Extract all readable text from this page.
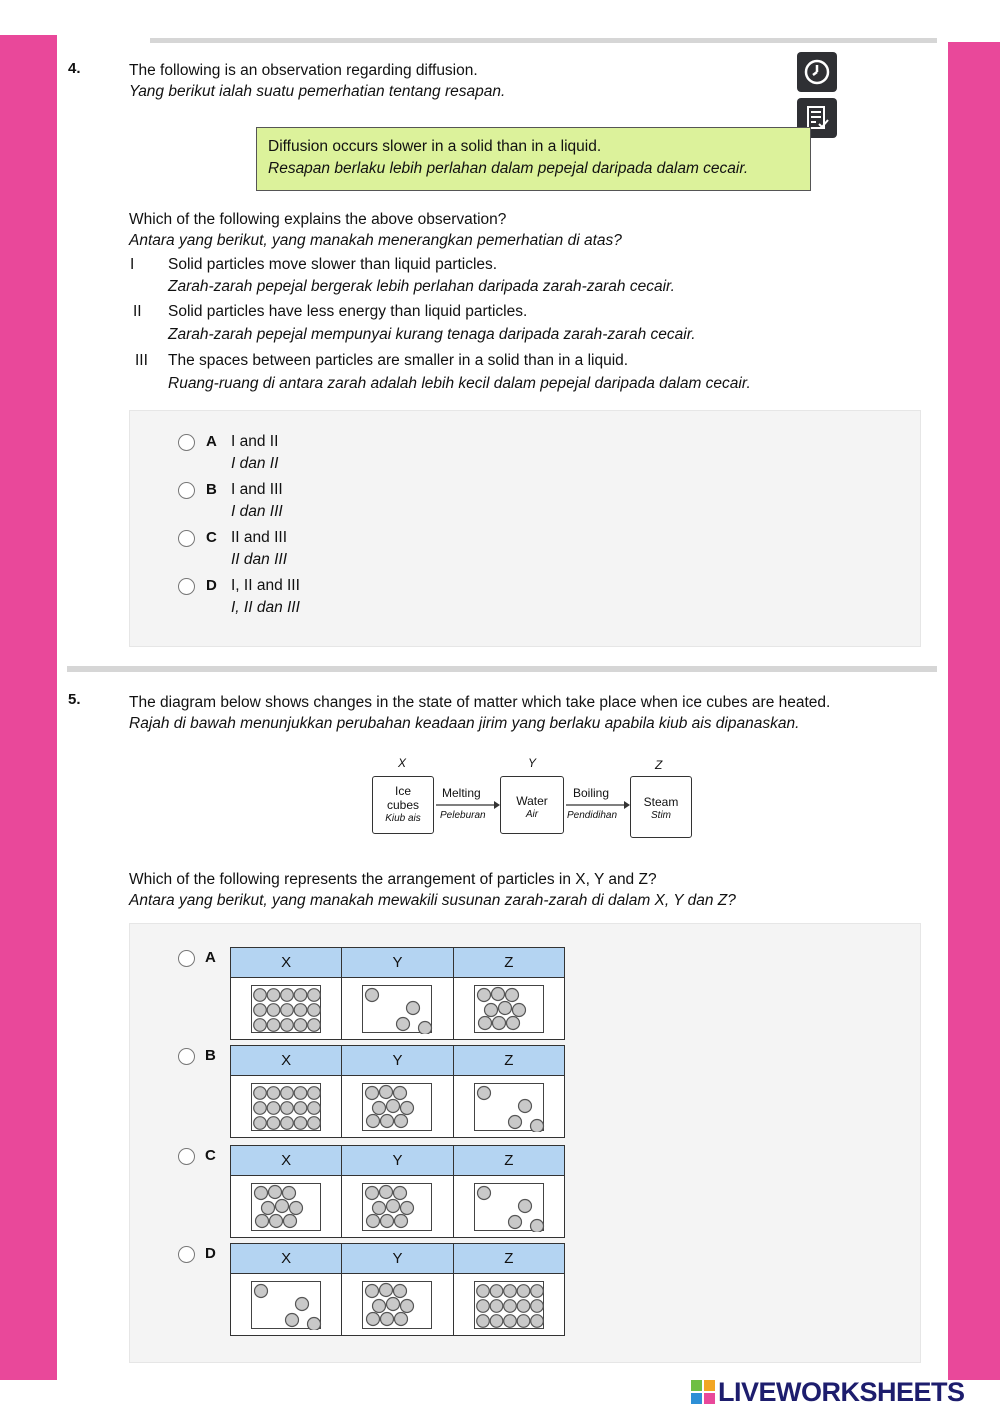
4.	The following is an observation regarding diffusion.
Yang berikut ialah suatu pemerhatian tentang resapan.
Diffusion occurs slower in a solid than in a liquid.
Resapan berlaku lebih perlahan dalam pepejal daripada dalam cecair.
Which of the following explains the above observation?
Antara yang berikut, yang manakah menerangkan pemerhatian di atas?
I Solid particles move slower than liquid particles.
Zarah-zarah pepejal bergerak lebih perlahan daripada zarah-zarah cecair.
II Solid particles have less energy than liquid particles.
Zarah-zarah pepejal mempunyai kurang tenaga daripada zarah-zarah cecair.
III The spaces between particles are smaller in a solid than in a liquid.
Ruang-ruang di antara zarah adalah lebih kecil dalam pepejal daripada dalam cecair.
A I and II
I dan II
B I and III
I dan III
C II and III
II dan III
D I, II and III
I, II dan III
5.	The diagram below shows changes in the state of matter which take place when ice cubes are heated.
Rajah di bawah menunjukkan perubahan keadaan jirim yang berlaku apabila kiub ais dipanaskan.
X	Y	Z
Ice
cubes
Kiub ais
Melting
Peleburan
Water
Air
Boiling
Pendidihan
Steam
Stim
Which of the following represents the arrangement of particles in X, Y and Z?
Antara yang berikut, yang manakah mewakili susunan zarah-zarah di dalam X, Y dan Z?
A
B
C
D
X	Y	Z

X	Y	Z

X	Y	Z

X	Y	Z

LIVEWORKSHEETS
